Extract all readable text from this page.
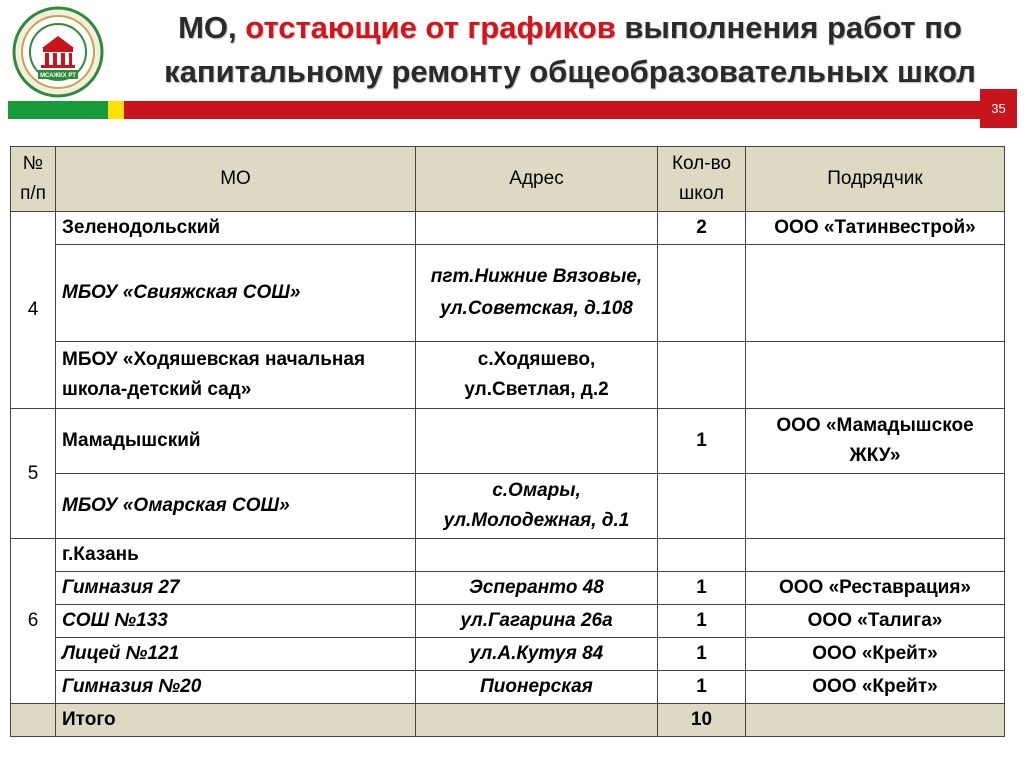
МСАЖКХ РТ
МО, отстающие от графиков выполнения работ по капитальному ремонту общеобразовательных школ
35
№ п/п	МО	Адрес	Кол-во школ	Подрядчик
4	Зеленодольский		2	ООО «Татинвестрой»
	МБОУ «Свияжская СОШ»	пгт.Нижние Вязовые, ул.Советская, д.108		
	МБОУ «Ходяшевская начальная школа-детский сад»	с.Ходяшево, ул.Светлая, д.2		
5	Мамадышский		1	ООО «Мамадышское ЖКУ»
	МБОУ «Омарская СОШ»	с.Омары, ул.Молодежная, д.1		
6	г.Казань			
	Гимназия 27	Эсперанто 48	1	ООО «Реставрация»
	СОШ №133	ул.Гагарина 26а	1	ООО «Талига»
	Лицей №121	ул.А.Кутуя 84	1	ООО «Крейт»
	Гимназия №20	Пионерская	1	ООО «Крейт»
	Итого		10	
